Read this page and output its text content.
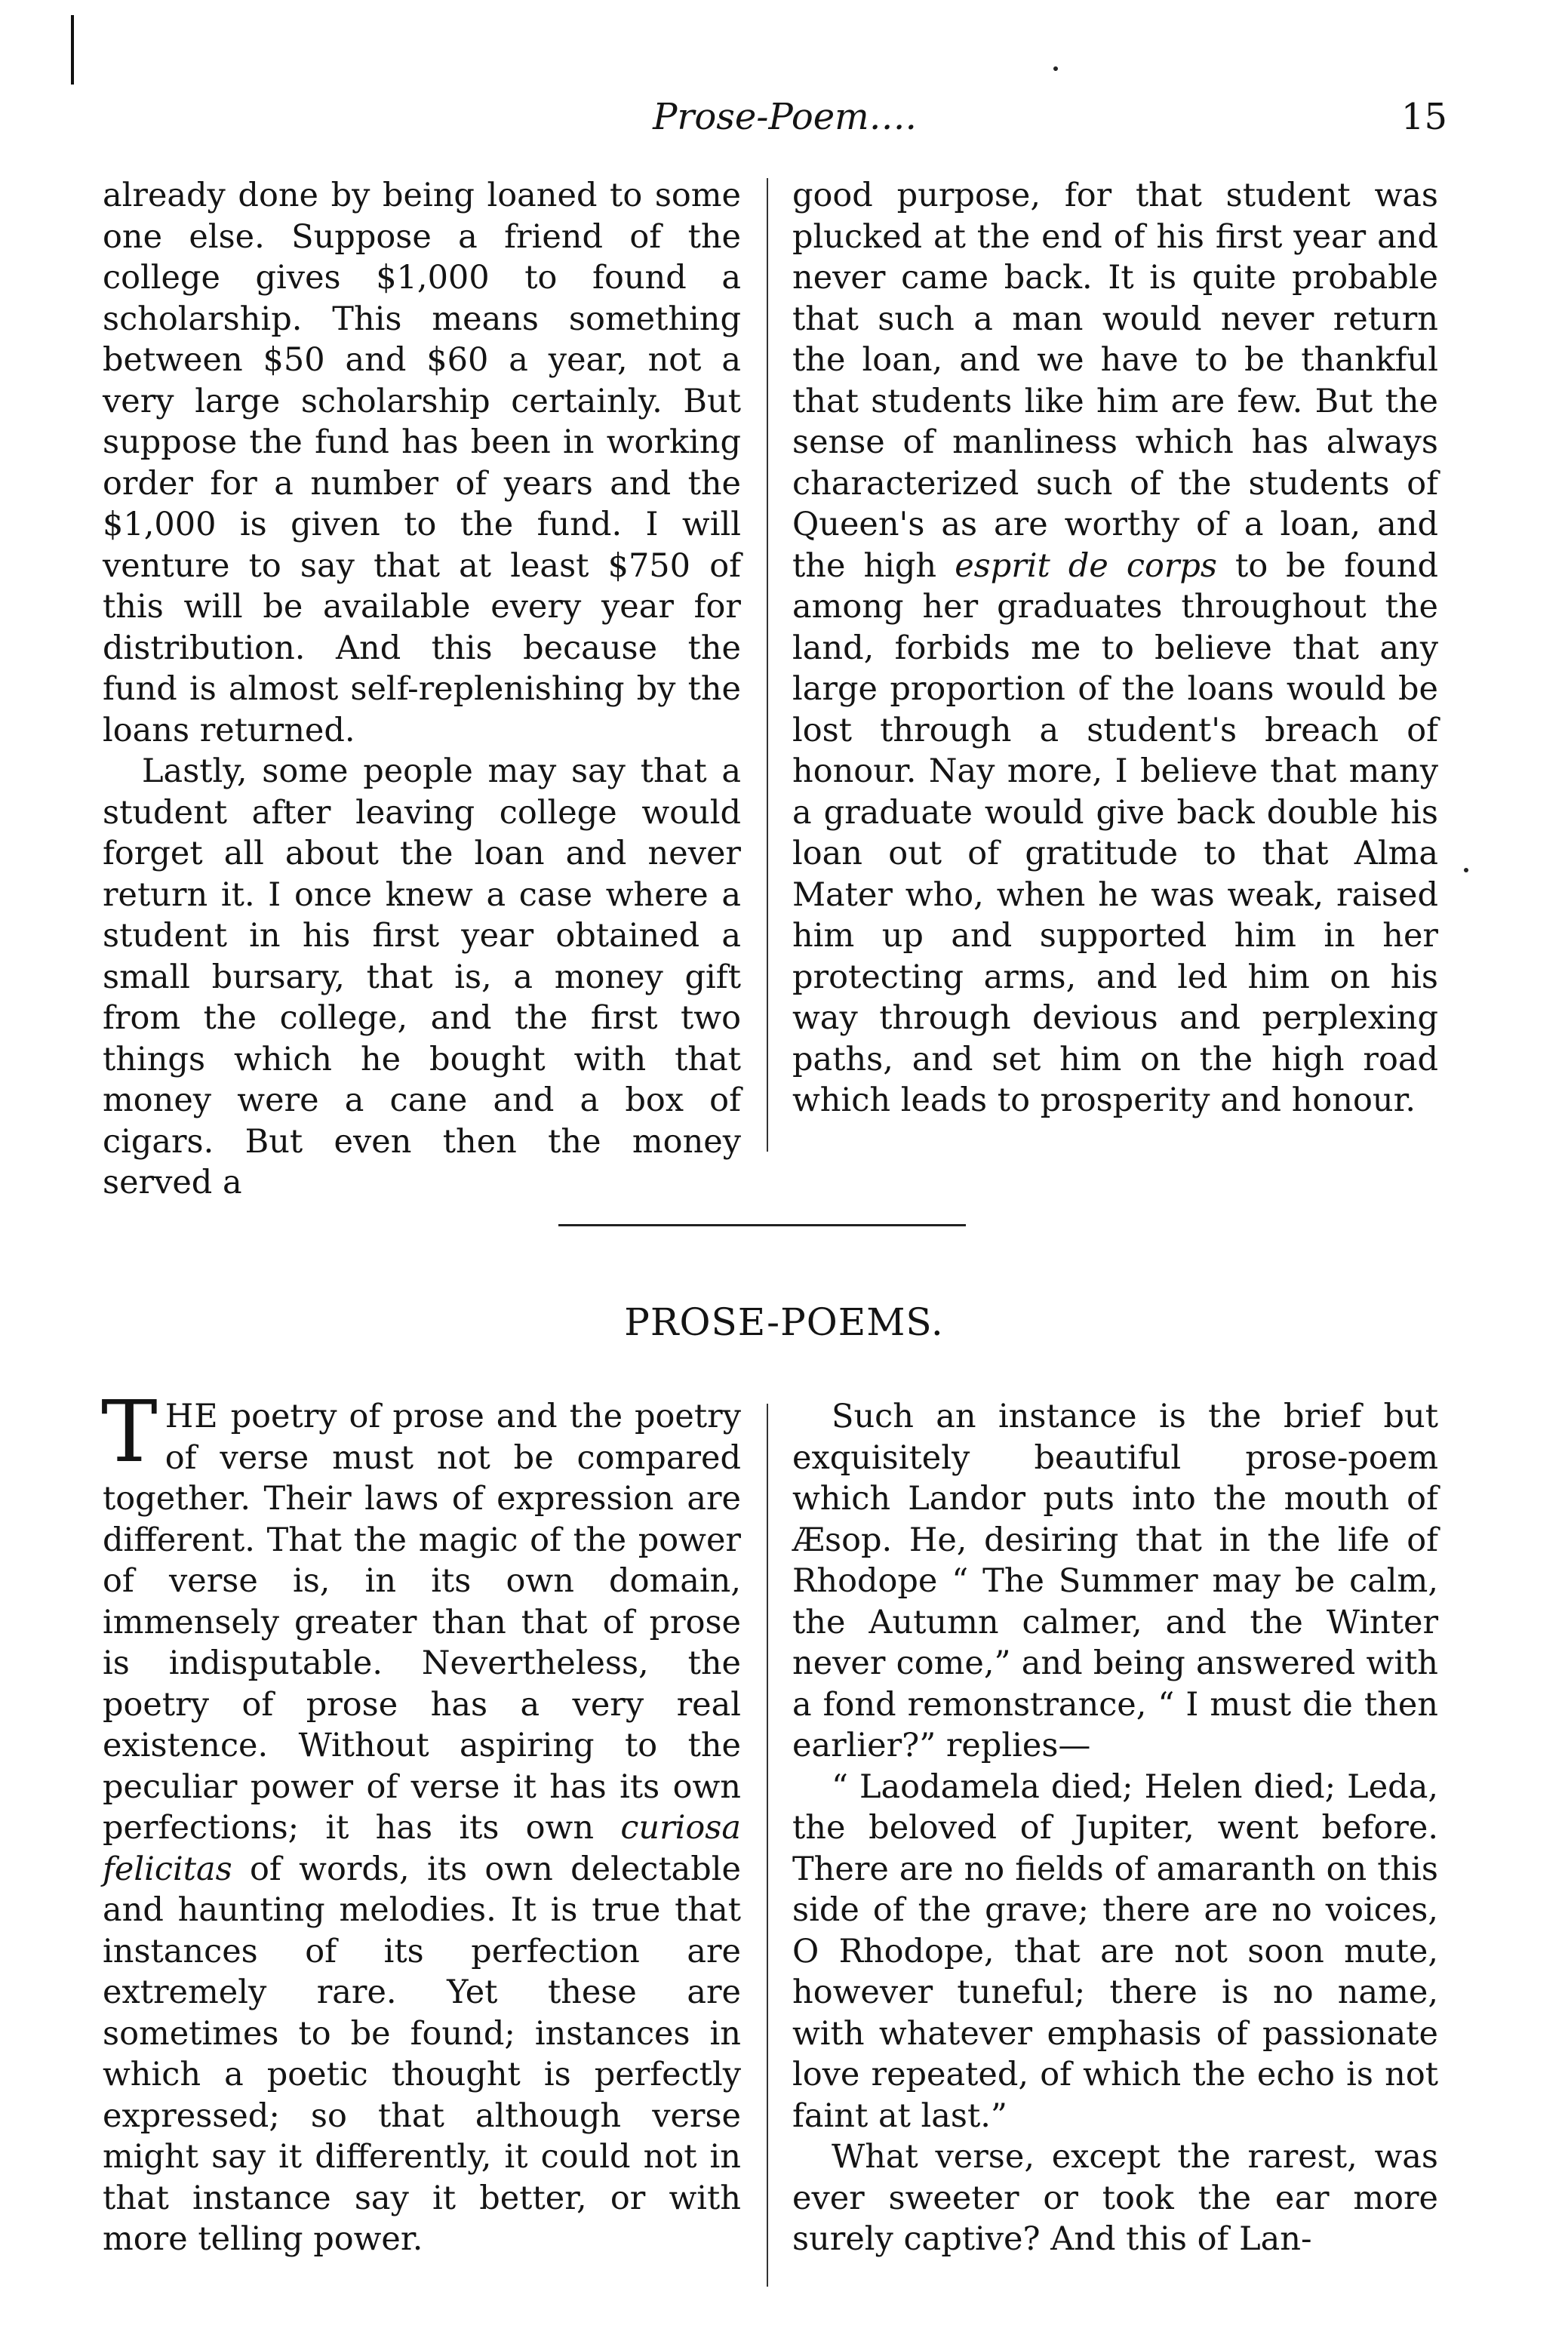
Prose-Poem….	15

already done by being loaned to some one else. Suppose a friend of the college gives $1,000 to found a scholarship. This means something between $50 and $60 a year, not a very large scholarship certainly. But suppose the fund has been in working order for a number of years and the $1,000 is given to the fund. I will venture to say that at least $750 of this will be available every year for distribution. And this because the fund is almost self-replenishing by the loans returned.

Lastly, some people may say that a student after leaving college would forget all about the loan and never return it. I once knew a case where a student in his first year obtained a small bursary, that is, a money gift from the college, and the first two things which he bought with that money were a cane and a box of cigars. But even then the money served a

good purpose, for that student was plucked at the end of his first year and never came back. It is quite probable that such a man would never return the loan, and we have to be thankful that students like him are few. But the sense of manliness which has always characterized such of the students of Queen's as are worthy of a loan, and the high esprit de corps to be found among her graduates throughout the land, forbids me to believe that any large proportion of the loans would be lost through a student's breach of honour. Nay more, I believe that many a graduate would give back double his loan out of gratitude to that Alma Mater who, when he was weak, raised him up and supported him in her protecting arms, and led him on his way through devious and perplexing paths, and set him on the high road which leads to prosperity and honour.

PROSE-POEMS.

THE poetry of prose and the poetry of verse must not be compared together. Their laws of expression are different. That the magic of the power of verse is, in its own domain, immensely greater than that of prose is indisputable. Nevertheless, the poetry of prose has a very real existence. Without aspiring to the peculiar power of verse it has its own perfections; it has its own curiosa felicitas of words, its own delectable and haunting melodies. It is true that instances of its perfection are extremely rare. Yet these are sometimes to be found; instances in which a poetic thought is perfectly expressed; so that although verse might say it differently, it could not in that instance say it better, or with more telling power.

Such an instance is the brief but exquisitely beautiful prose-poem which Landor puts into the mouth of Æsop. He, desiring that in the life of Rhodope “ The Summer may be calm, the Autumn calmer, and the Winter never come,” and being answered with a fond remonstrance, “ I must die then earlier?” replies—

“ Laodamela died; Helen died; Leda, the beloved of Jupiter, went before. There are no fields of amaranth on this side of the grave; there are no voices, O Rhodope, that are not soon mute, however tuneful; there is no name, with whatever emphasis of passionate love repeated, of which the echo is not faint at last.”

What verse, except the rarest, was ever sweeter or took the ear more surely captive? And this of Lan-
